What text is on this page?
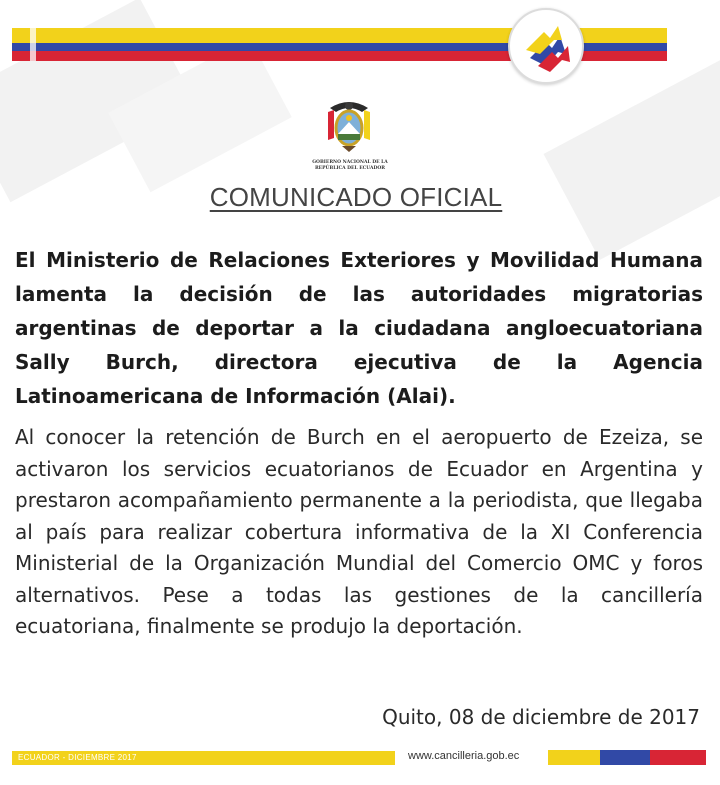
GOBIERNO NACIONAL DE LA REPÚBLICA DEL ECUADOR
COMUNICADO OFICIAL

El Ministerio de Relaciones Exteriores y Movilidad Humana lamenta la decisión de las autoridades migratorias argentinas de deportar a la ciudadana angloecuatoriana Sally Burch, directora ejecutiva de la Agencia Latinoamericana de Información (Alai).

Al conocer la retención de Burch en el aeropuerto de Ezeiza, se activaron los servicios ecuatorianos de Ecuador en Argentina y prestaron acompañamiento permanente a la periodista, que llegaba al país para realizar cobertura informativa de la XI Conferencia Ministerial de la Organización Mundial del Comercio OMC y foros alternativos. Pese a todas las gestiones de la cancillería ecuatoriana, finalmente se produjo la deportación.

Quito, 08 de diciembre de 2017
ECUADOR - DICIEMBRE 2017	www.cancilleria.gob.ec
